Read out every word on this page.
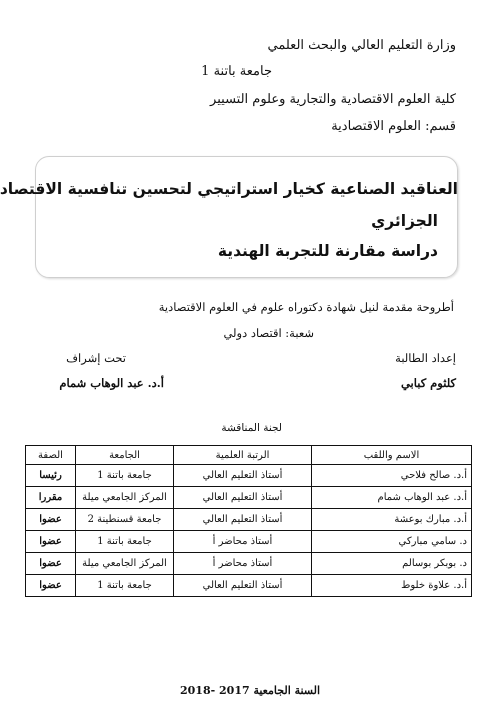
وزارة التعليم العالي والبحث العلمي
جامعة باتنة 1
كلية العلوم الاقتصادية والتجارية وعلوم التسيير
قسم: العلوم الاقتصادية
العناقيد الصناعية كخيار استراتيجي لتحسين تنافسية الاقتصاد
الجزائري
دراسة مقارنة للتجربة الهندية
أطروحة مقدمة لنيل شهادة دكتوراه علوم في العلوم الاقتصادية
شعبة: اقتصاد دولي
إعداد الطالبة
تحت إشراف
كلثوم كبابي
أ.د. عبد الوهاب شمام
لجنة المناقشة
الاسم واللقب	الرتبة العلمية	الجامعة	الصفة
أ.د. صالح فلاحي	أستاذ التعليم العالي	جامعة باتنة 1	رئيسا
أ.د. عبد الوهاب شمام	أستاذ التعليم العالي	المركز الجامعي ميلة	مقررا
أ.د. مبارك بوعشة	أستاذ التعليم العالي	جامعة قسنطينة 2	عضوا
د. سامي مباركي	أستاذ محاضر أ	جامعة باتنة 1	عضوا
د. بوبكر بوسالم	أستاذ محاضر أ	المركز الجامعي ميلة	عضوا
أ.د. علاوة خلوط	أستاذ التعليم العالي	جامعة باتنة 1	عضوا
السنة الجامعية 2017 -2018
